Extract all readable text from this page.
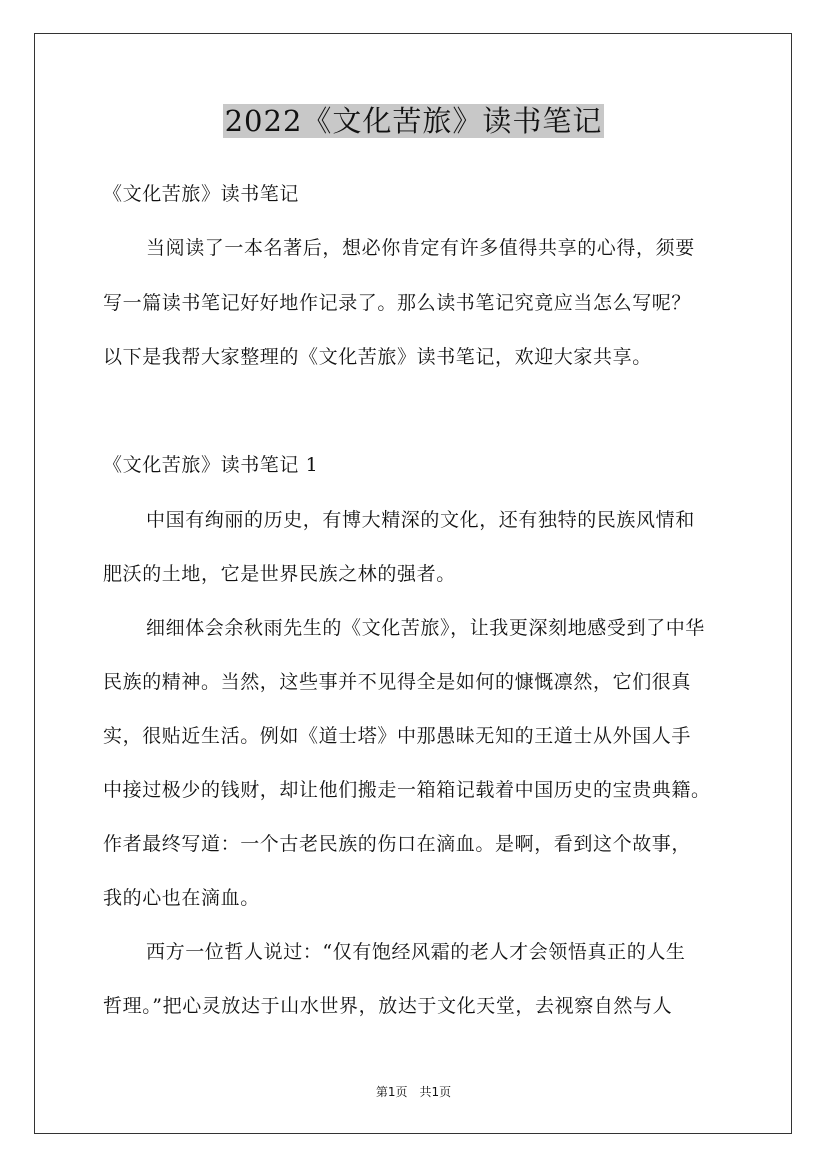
2022《文化苦旅》读书笔记
《文化苦旅》读书笔记
当阅读了一本名著后，想必你肯定有许多值得共享的心得，须要
写一篇读书笔记好好地作记录了。那么读书笔记究竟应当怎么写呢？
以下是我帮大家整理的《文化苦旅》读书笔记，欢迎大家共享。
《文化苦旅》读书笔记 1
中国有绚丽的历史，有博大精深的文化，还有独特的民族风情和
肥沃的土地，它是世界民族之林的强者。
细细体会余秋雨先生的《文化苦旅》，让我更深刻地感受到了中华
民族的精神。当然，这些事并不见得全是如何的慷慨凛然，它们很真
实，很贴近生活。例如《道士塔》中那愚昧无知的王道士从外国人手
中接过极少的钱财，却让他们搬走一箱箱记载着中国历史的宝贵典籍。
作者最终写道：一个古老民族的伤口在滴血。是啊，看到这个故事，
我的心也在滴血。
西方一位哲人说过：“仅有饱经风霜的老人才会领悟真正的人生
哲理。”把心灵放达于山水世界，放达于文化天堂，去视察自然与人
第1页　共1页
